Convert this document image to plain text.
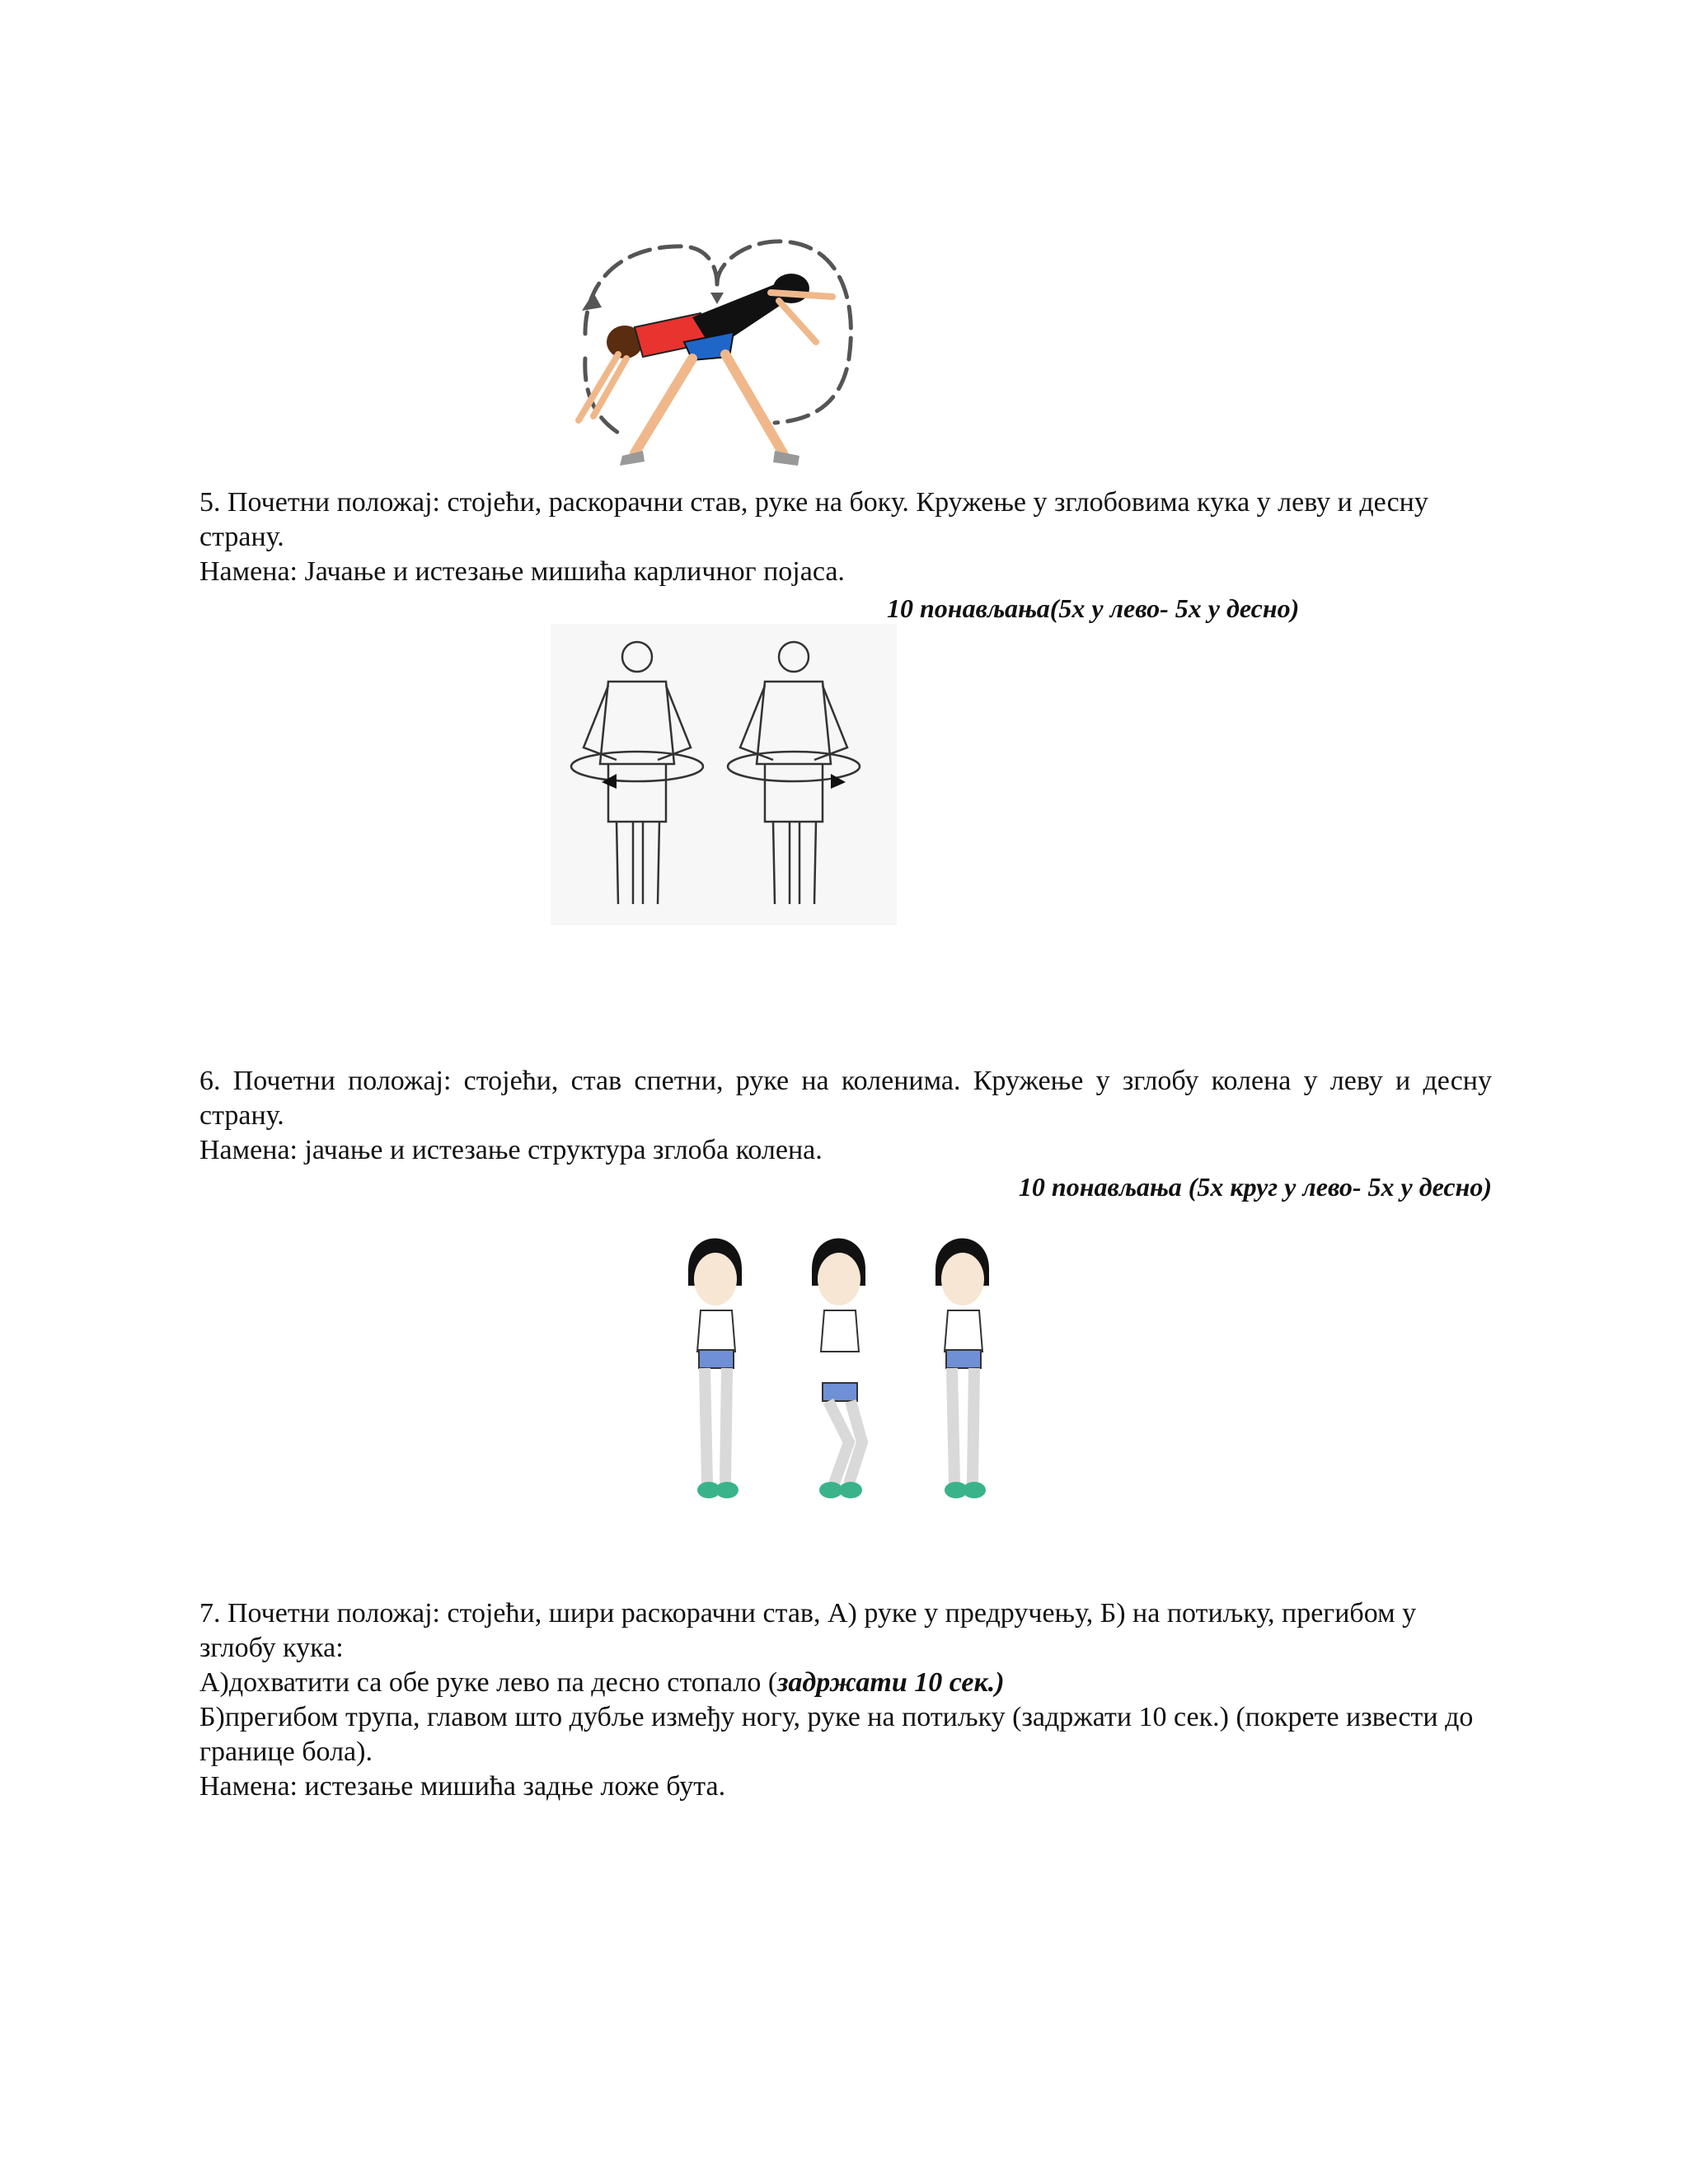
5. Почетни положај: стојећи, раскорачни став, руке на боку. Кружење у зглобовима кука у леву и десну страну.
Намена: Јачање и истезање мишића карличног појаса.
10 понављања(5х у лево- 5х у десно)
6. Почетни положај: стојећи, став спетни, руке на коленима. Кружење у зглобу колена у леву и десну страну.
Намена: јачање и истезање структура зглоба колена.
10 понављања (5х круг у лево- 5х у десно)
7. Почетни положај: стојећи, шири раскорачни став, А) руке у предручењу, Б) на потиљку, прегибом у зглобу кука:
А)дохватити са обе руке лево па десно стопало (задржати 10 сек.)
Б)прегибом трупа, главом што дубље између ногу, руке на потиљку (задржати 10 сек.) (покрете извести до границе бола).
Намена: истезање мишића задње ложе бута.
